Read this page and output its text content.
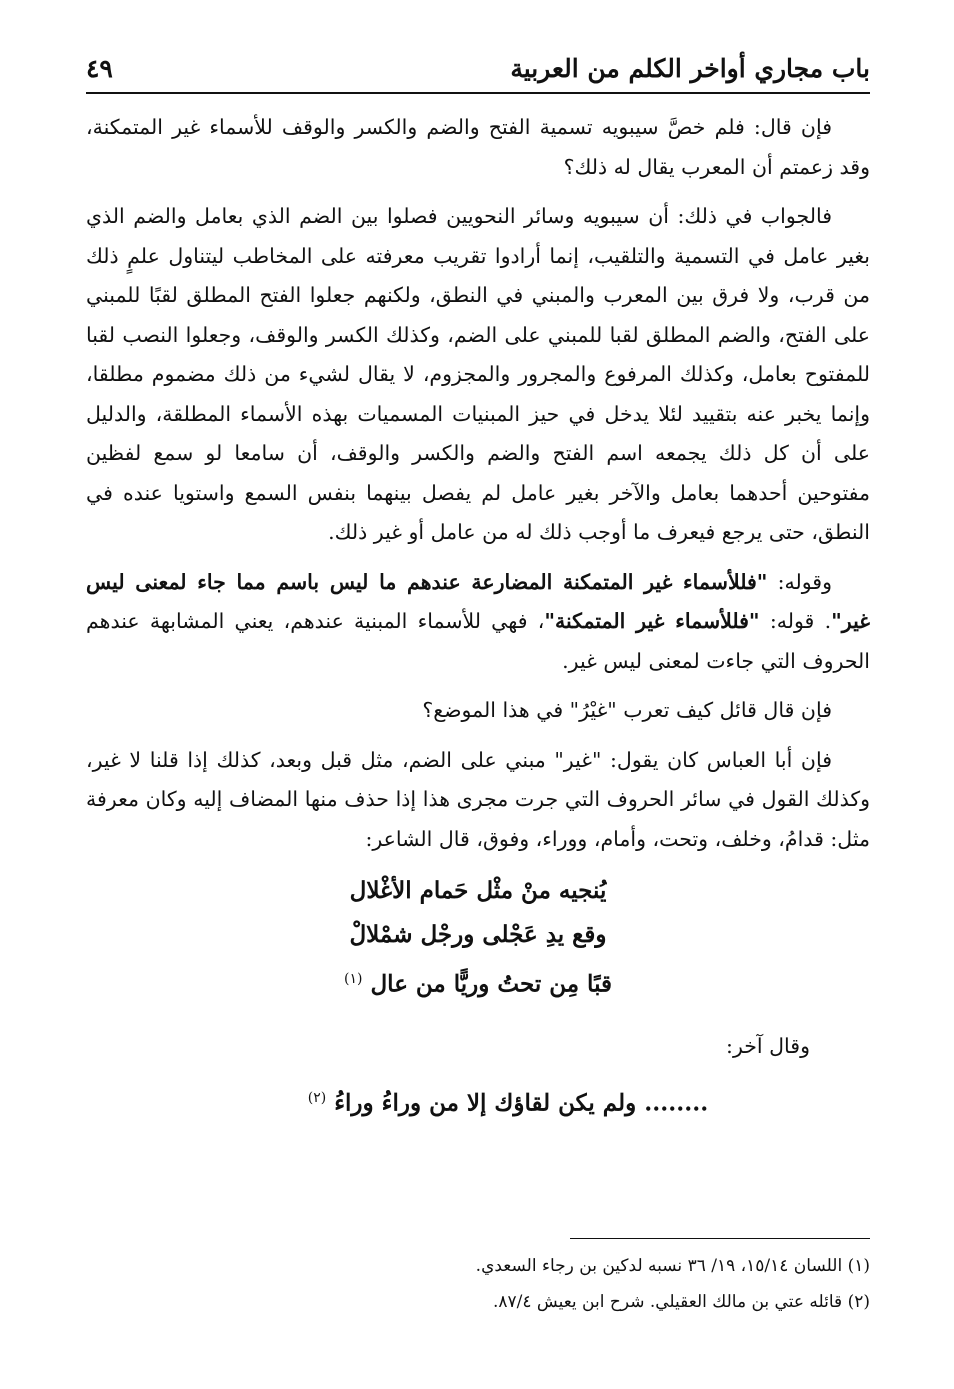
باب مجاري أواخر الكلم من العربية
٤٩

فإن قال: فلم خصَّ سيبويه تسمية الفتح والضم والكسر والوقف للأسماء غير المتمكنة، وقد زعمتم أن المعرب يقال له ذلك؟

فالجواب في ذلك: أن سيبويه وسائر النحويين فصلوا بين الضم الذي بعامل والضم الذي بغير عامل في التسمية والتلقيب، إنما أرادوا تقريب معرفته على المخاطب ليتناول علمٍ ذلك من قرب، ولا فرق بين المعرب والمبني في النطق، ولكنهم جعلوا الفتح المطلق لقبًا للمبني على الفتح، والضم المطلق لقبا للمبني على الضم، وكذلك الكسر والوقف، وجعلوا النصب لقبا للمفتوح بعامل، وكذلك المرفوع والمجرور والمجزوم، لا يقال لشيء من ذلك مضموم مطلقا، وإنما يخبر عنه بتقييد لئلا يدخل في حيز المبنيات المسميات بهذه الأسماء المطلقة، والدليل على أن كل ذلك يجمعه اسم الفتح والضم والكسر والوقف، أن سامعا لو سمع لفظين مفتوحين أحدهما بعامل والآخر بغير عامل لم يفصل بينهما بنفس السمع واستويا عنده في النطق، حتى يرجع فيعرف ما أوجب ذلك له من عامل أو غير ذلك.

وقوله: "فللأسماء غير المتمكنة المضارعة عندهم ما ليس باسم مما جاء لمعنى ليس غير". قوله: "فللأسماء غير المتمكنة"، فهي للأسماء المبنية عندهم، يعني المشابهة عندهم الحروف التي جاءت لمعنى ليس غير.

فإن قال قائل كيف تعرب "غيْرُ" في هذا الموضع؟

فإن أبا العباس كان يقول: "غير" مبني على الضم، مثل قبل وبعد، كذلك إذا قلنا لا غير، وكذلك القول في سائر الحروف التي جرت مجرى هذا إذا حذف منها المضاف إليه وكان معرفة مثل: قدامُ، وخلف، وتحت، وأمام، ووراء، وفوق، قال الشاعر:

يُنجيه منْ مثْل حَمام الأغْلال
وقع يدِ عَجْلى ورجْل شمْلالْ
قبًا مِن تحتُ وريًّا من عال $^{(١)}$

وقال آخر:

........ ولم يكن لقاؤك إلا من وراءُ وراءُ $^{(٢)}$
(١) اللسان ١٥/١٤، ١٩/ ٣٦ نسبه لدكين بن رجاء السعدي.
(٢) قائله عتي بن مالك العقيلي. شرح ابن يعيش ٨٧/٤.
